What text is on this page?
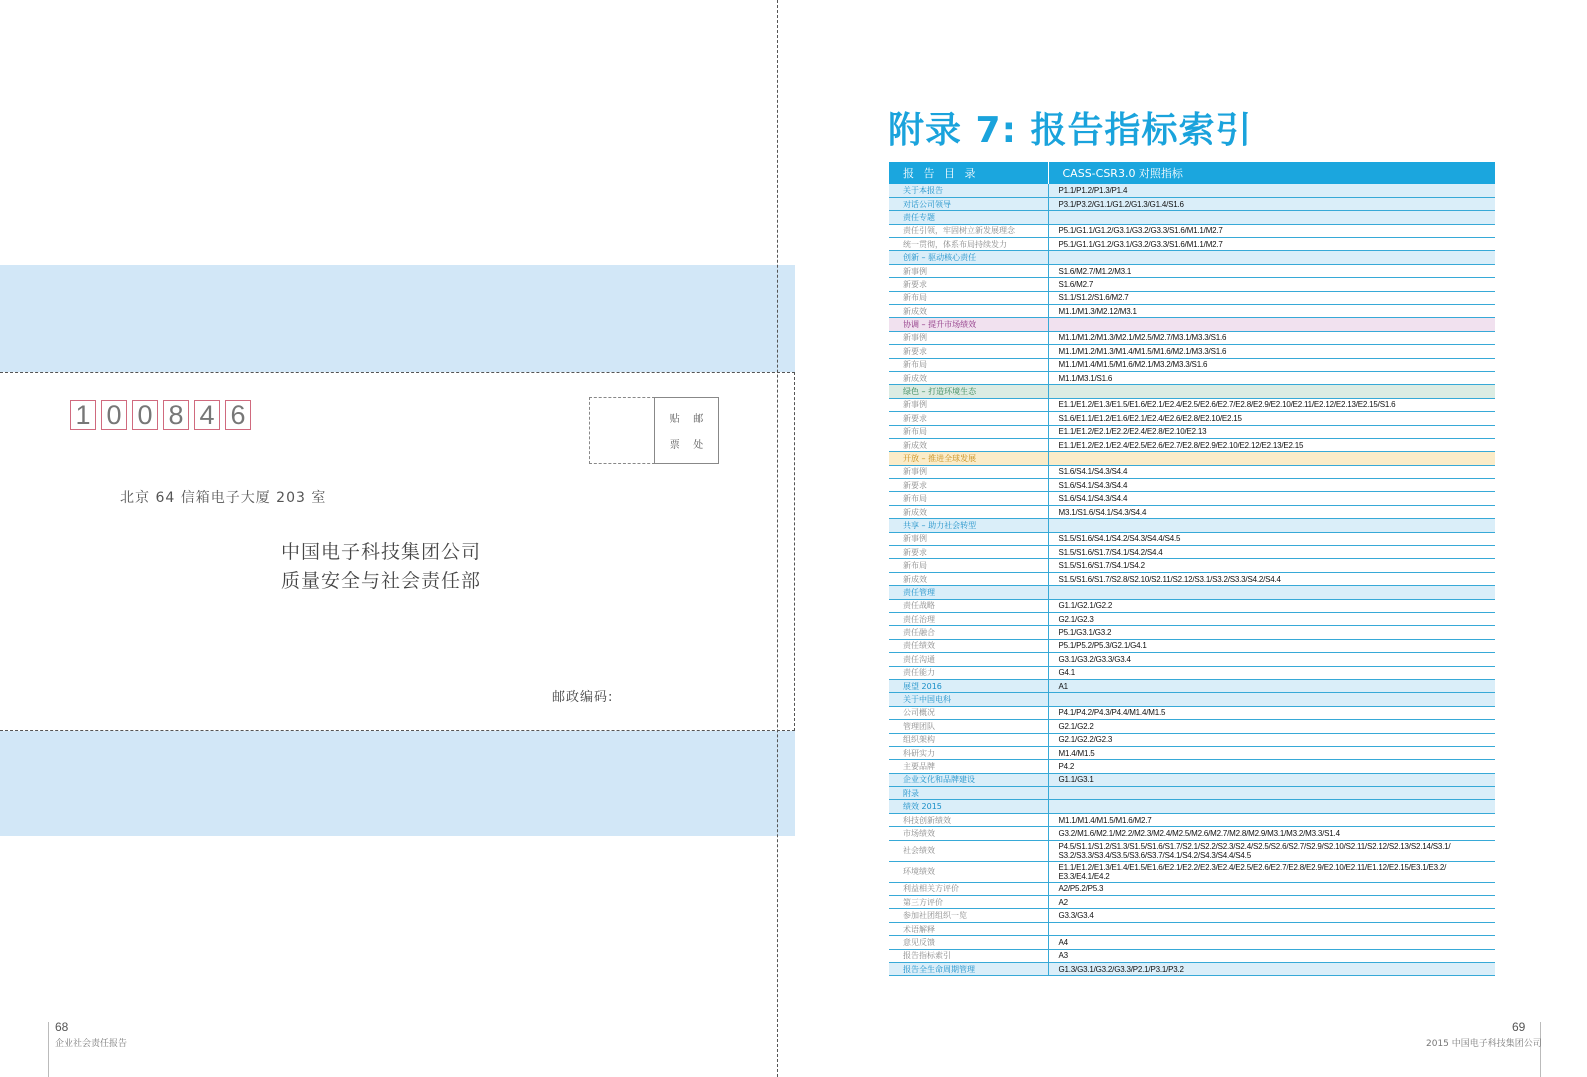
1 0 0 8 4 6	贴 邮
票 处
北京 64 信箱电子大厦 203 室
中国电子科技集团公司
质量安全与社会责任部
邮政编码:
68
企业社会责任报告
附录 7: 报告指标索引
报 告 目 录	CASS-CSR3.0 对照指标
关于本报告	P1.1/P1.2/P1.3/P1.4
对话公司领导	P3.1/P3.2/G1.1/G1.2/G1.3/G1.4/S1.6
责任专题	
责任引领，牢固树立新发展理念	P5.1/G1.1/G1.2/G3.1/G3.2/G3.3/S1.6/M1.1/M2.7
统一贯彻，体系布局持续发力	P5.1/G1.1/G1.2/G3.1/G3.2/G3.3/S1.6/M1.1/M2.7
创新 – 驱动核心责任	
新事例	S1.6/M2.7/M1.2/M3.1
新要求	S1.6/M2.7
新布局	S1.1/S1.2/S1.6/M2.7
新成效	M1.1/M1.3/M2.12/M3.1
协调 – 提升市场绩效	
新事例	M1.1/M1.2/M1.3/M2.1/M2.5/M2.7/M3.1/M3.3/S1.6
新要求	M1.1/M1.2/M1.3/M1.4/M1.5/M1.6/M2.1/M3.3/S1.6
新布局	M1.1/M1.4/M1.5/M1.6/M2.1/M3.2/M3.3/S1.6
新成效	M1.1/M3.1/S1.6
绿色 – 打造环境生态	
新事例	E1.1/E1.2/E1.3/E1.5/E1.6/E2.1/E2.4/E2.5/E2.6/E2.7/E2.8/E2.9/E2.10/E2.11/E2.12/E2.13/E2.15/S1.6
新要求	S1.6/E1.1/E1.2/E1.6/E2.1/E2.4/E2.6/E2.8/E2.10/E2.15
新布局	E1.1/E1.2/E2.1/E2.2/E2.4/E2.8/E2.10/E2.13
新成效	E1.1/E1.2/E2.1/E2.4/E2.5/E2.6/E2.7/E2.8/E2.9/E2.10/E2.12/E2.13/E2.15
开放 – 推进全球发展	
新事例	S1.6/S4.1/S4.3/S4.4
新要求	S1.6/S4.1/S4.3/S4.4
新布局	S1.6/S4.1/S4.3/S4.4
新成效	M3.1/S1.6/S4.1/S4.3/S4.4
共享 – 助力社会转型	
新事例	S1.5/S1.6/S4.1/S4.2/S4.3/S4.4/S4.5
新要求	S1.5/S1.6/S1.7/S4.1/S4.2/S4.4
新布局	S1.5/S1.6/S1.7/S4.1/S4.2
新成效	S1.5/S1.6/S1.7/S2.8/S2.10/S2.11/S2.12/S3.1/S3.2/S3.3/S4.2/S4.4
责任管理	
责任战略	G1.1/G2.1/G2.2
责任治理	G2.1/G2.3
责任融合	P5.1/G3.1/G3.2
责任绩效	P5.1/P5.2/P5.3/G2.1/G4.1
责任沟通	G3.1/G3.2/G3.3/G3.4
责任能力	G4.1
展望 2016	A1
关于中国电科	
公司概况	P4.1/P4.2/P4.3/P4.4/M1.4/M1.5
管理团队	G2.1/G2.2
组织架构	G2.1/G2.2/G2.3
科研实力	M1.4/M1.5
主要品牌	P4.2
企业文化和品牌建设	G1.1/G3.1
附录	
绩效 2015	
科技创新绩效	M1.1/M1.4/M1.5/M1.6/M2.7
市场绩效	G3.2/M1.6/M2.1/M2.2/M2.3/M2.4/M2.5/M2.6/M2.7/M2.8/M2.9/M3.1/M3.2/M3.3/S1.4
社会绩效	P4.5/S1.1/S1.2/S1.3/S1.5/S1.6/S1.7/S2.1/S2.2/S2.3/S2.4/S2.5/S2.6/S2.7/S2.9/S2.10/S2.11/S2.12/S2.13/S2.14/S3.1/ S3.2/S3.3/S3.4/S3.5/S3.6/S3.7/S4.1/S4.2/S4.3/S4.4/S4.5
环境绩效	E1.1/E1.2/E1.3/E1.4/E1.5/E1.6/E2.1/E2.2/E2.3/E2.4/E2.5/E2.6/E2.7/E2.8/E2.9/E2.10/E2.11/E1.12/E2.15/E3.1/E3.2/ E3.3/E4.1/E4.2
利益相关方评价	A2/P5.2/P5.3
第三方评价	A2
参加社团组织一览	G3.3/G3.4
术语解释	
意见反馈	A4
报告指标索引	A3
报告全生命周期管理	G1.3/G3.1/G3.2/G3.3/P2.1/P3.1/P3.2
69
2015 中国电子科技集团公司
